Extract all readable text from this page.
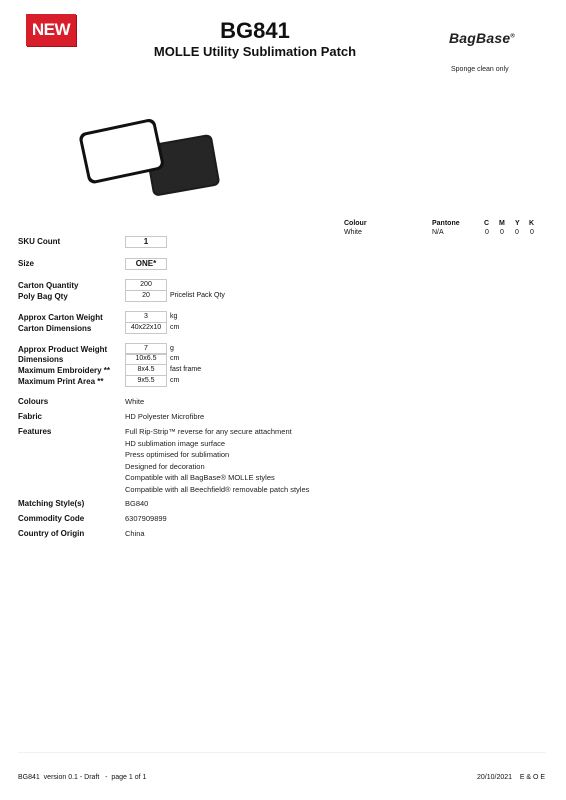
NEW	BG841
MOLLE Utility Sublimation Patch
BagBase®
Sponge clean only
Colour	Pantone	C M Y K
White	N/A	0 0 0 0
SKU Count	1
Size	ONE*
Carton Quantity	200
Poly Bag Qty	20	Pricelist Pack Qty
Approx Carton Weight	3	kg
Carton Dimensions	40x22x10	cm
Approx Product Weight	7	g
Dimensions	10x6.5	cm
Maximum Embroidery **	8x4.5	fast frame
Maximum Print Area **	9x5.5	cm
Colours	White
Fabric	HD Polyester Microfibre
Features	Full Rip-Strip™ reverse for any secure attachment
HD sublimation image surface
Press optimised for sublimation
Designed for decoration
Compatible with all BagBase® MOLLE styles
Compatible with all Beechfield® removable patch styles
Matching Style(s)	BG840
Commodity Code	6307909899
Country of Origin	China
BG841  version 0.1 - Draft   -  page 1 of 1	20/10/2021    E & O E
